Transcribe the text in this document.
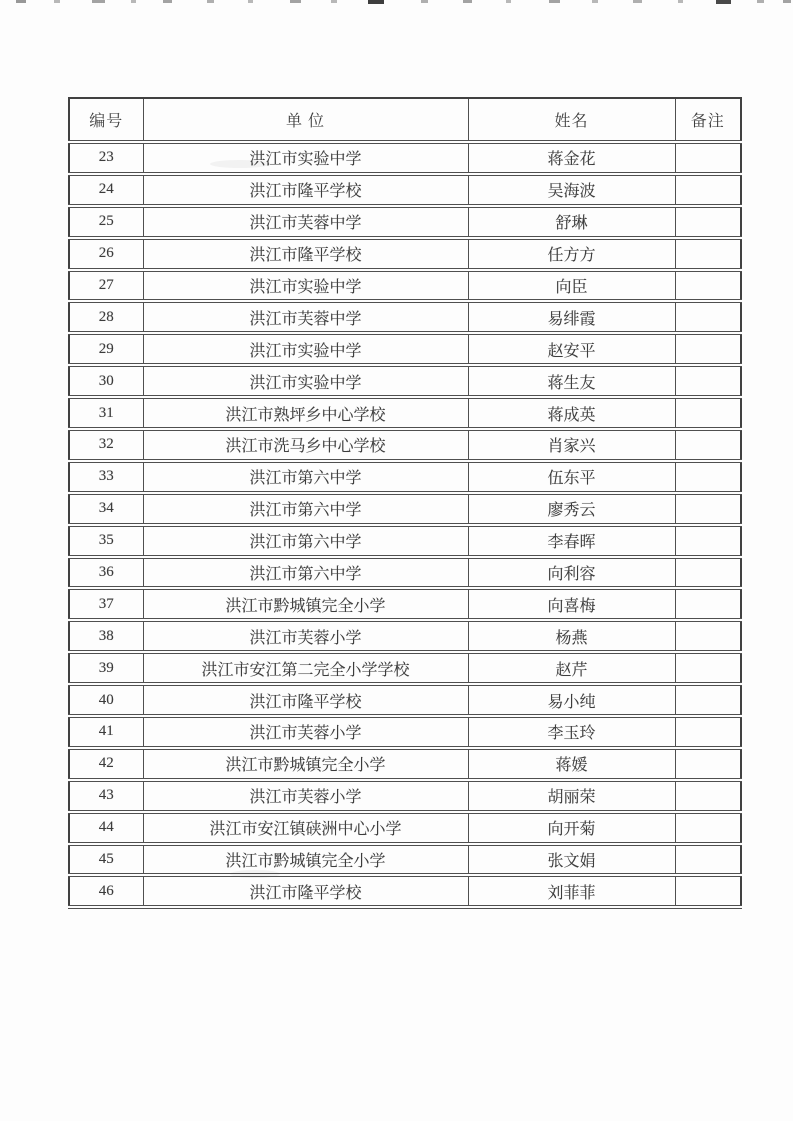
编号	单 位	姓名	备注
23	洪江市实验中学	蒋金花	
24	洪江市隆平学校	吴海波	
25	洪江市芙蓉中学	舒琳	
26	洪江市隆平学校	任方方	
27	洪江市实验中学	向臣	
28	洪江市芙蓉中学	易绯霞	
29	洪江市实验中学	赵安平	
30	洪江市实验中学	蒋生友	
31	洪江市熟坪乡中心学校	蒋成英	
32	洪江市洗马乡中心学校	肖家兴	
33	洪江市第六中学	伍东平	
34	洪江市第六中学	廖秀云	
35	洪江市第六中学	李春晖	
36	洪江市第六中学	向利容	
37	洪江市黔城镇完全小学	向喜梅	
38	洪江市芙蓉小学	杨燕	
39	洪江市安江第二完全小学学校	赵芹	
40	洪江市隆平学校	易小纯	
41	洪江市芙蓉小学	李玉玲	
42	洪江市黔城镇完全小学	蒋媛	
43	洪江市芙蓉小学	胡丽荣	
44	洪江市安江镇硖洲中心小学	向开菊	
45	洪江市黔城镇完全小学	张文娟	
46	洪江市隆平学校	刘菲菲	
